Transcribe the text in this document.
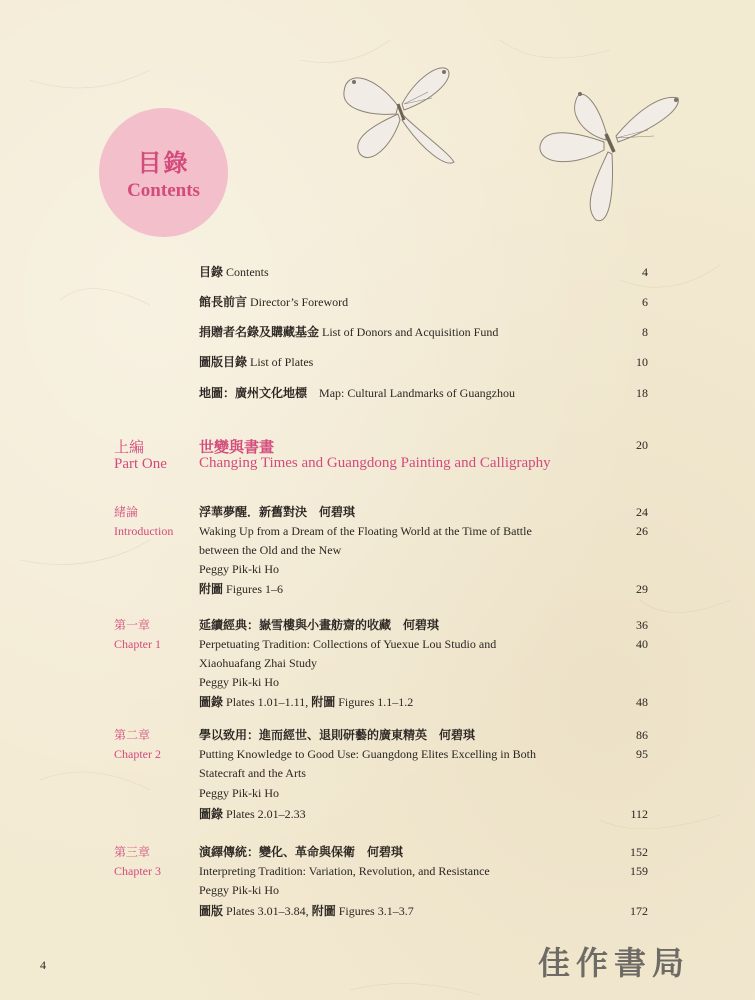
目錄
Contents
目錄 Contents	4
館長前言 Director’s Foreword	6
捐贈者名錄及購藏基金 List of Donors and Acquisition Fund	8
圖版目錄 List of Plates	10
地圖：廣州文化地標　 Map: Cultural Landmarks of Guangzhou	18
上編
Part One
世變與書畫
Changing Times and Guangdong Painting and Calligraphy
20
緒論	浮華夢醒．新舊對決　何碧琪	24
Introduction Waking Up from a Dream of the Floating World at the Time of Battle	26
between the Old and the New
Peggy Pik-ki Ho
附圖 Figures 1–6	29
第一章	延續經典：嶽雪樓與小畫舫齋的收藏　何碧琪	36
Chapter 1	Perpetuating Tradition: Collections of Yuexue Lou Studio and	40
Xiaohuafang Zhai Study
Peggy Pik-ki Ho
圖錄 Plates 1.01–1.11, 附圖 Figures 1.1–1.2	48
第二章	學以致用：進而經世、退則研藝的廣東精英　何碧琪	86
Chapter 2	Putting Knowledge to Good Use: Guangdong Elites Excelling in Both	95
Statecraft and the Arts
Peggy Pik-ki Ho
圖錄 Plates 2.01–2.33	112
第三章	演繹傳統：變化、革命與保衛　何碧琪	152
Chapter 3	Interpreting Tradition: Variation, Revolution, and Resistance	159
Peggy Pik-ki Ho
圖版 Plates 3.01–3.84, 附圖 Figures 3.1–3.7	172
4	佳作書局
